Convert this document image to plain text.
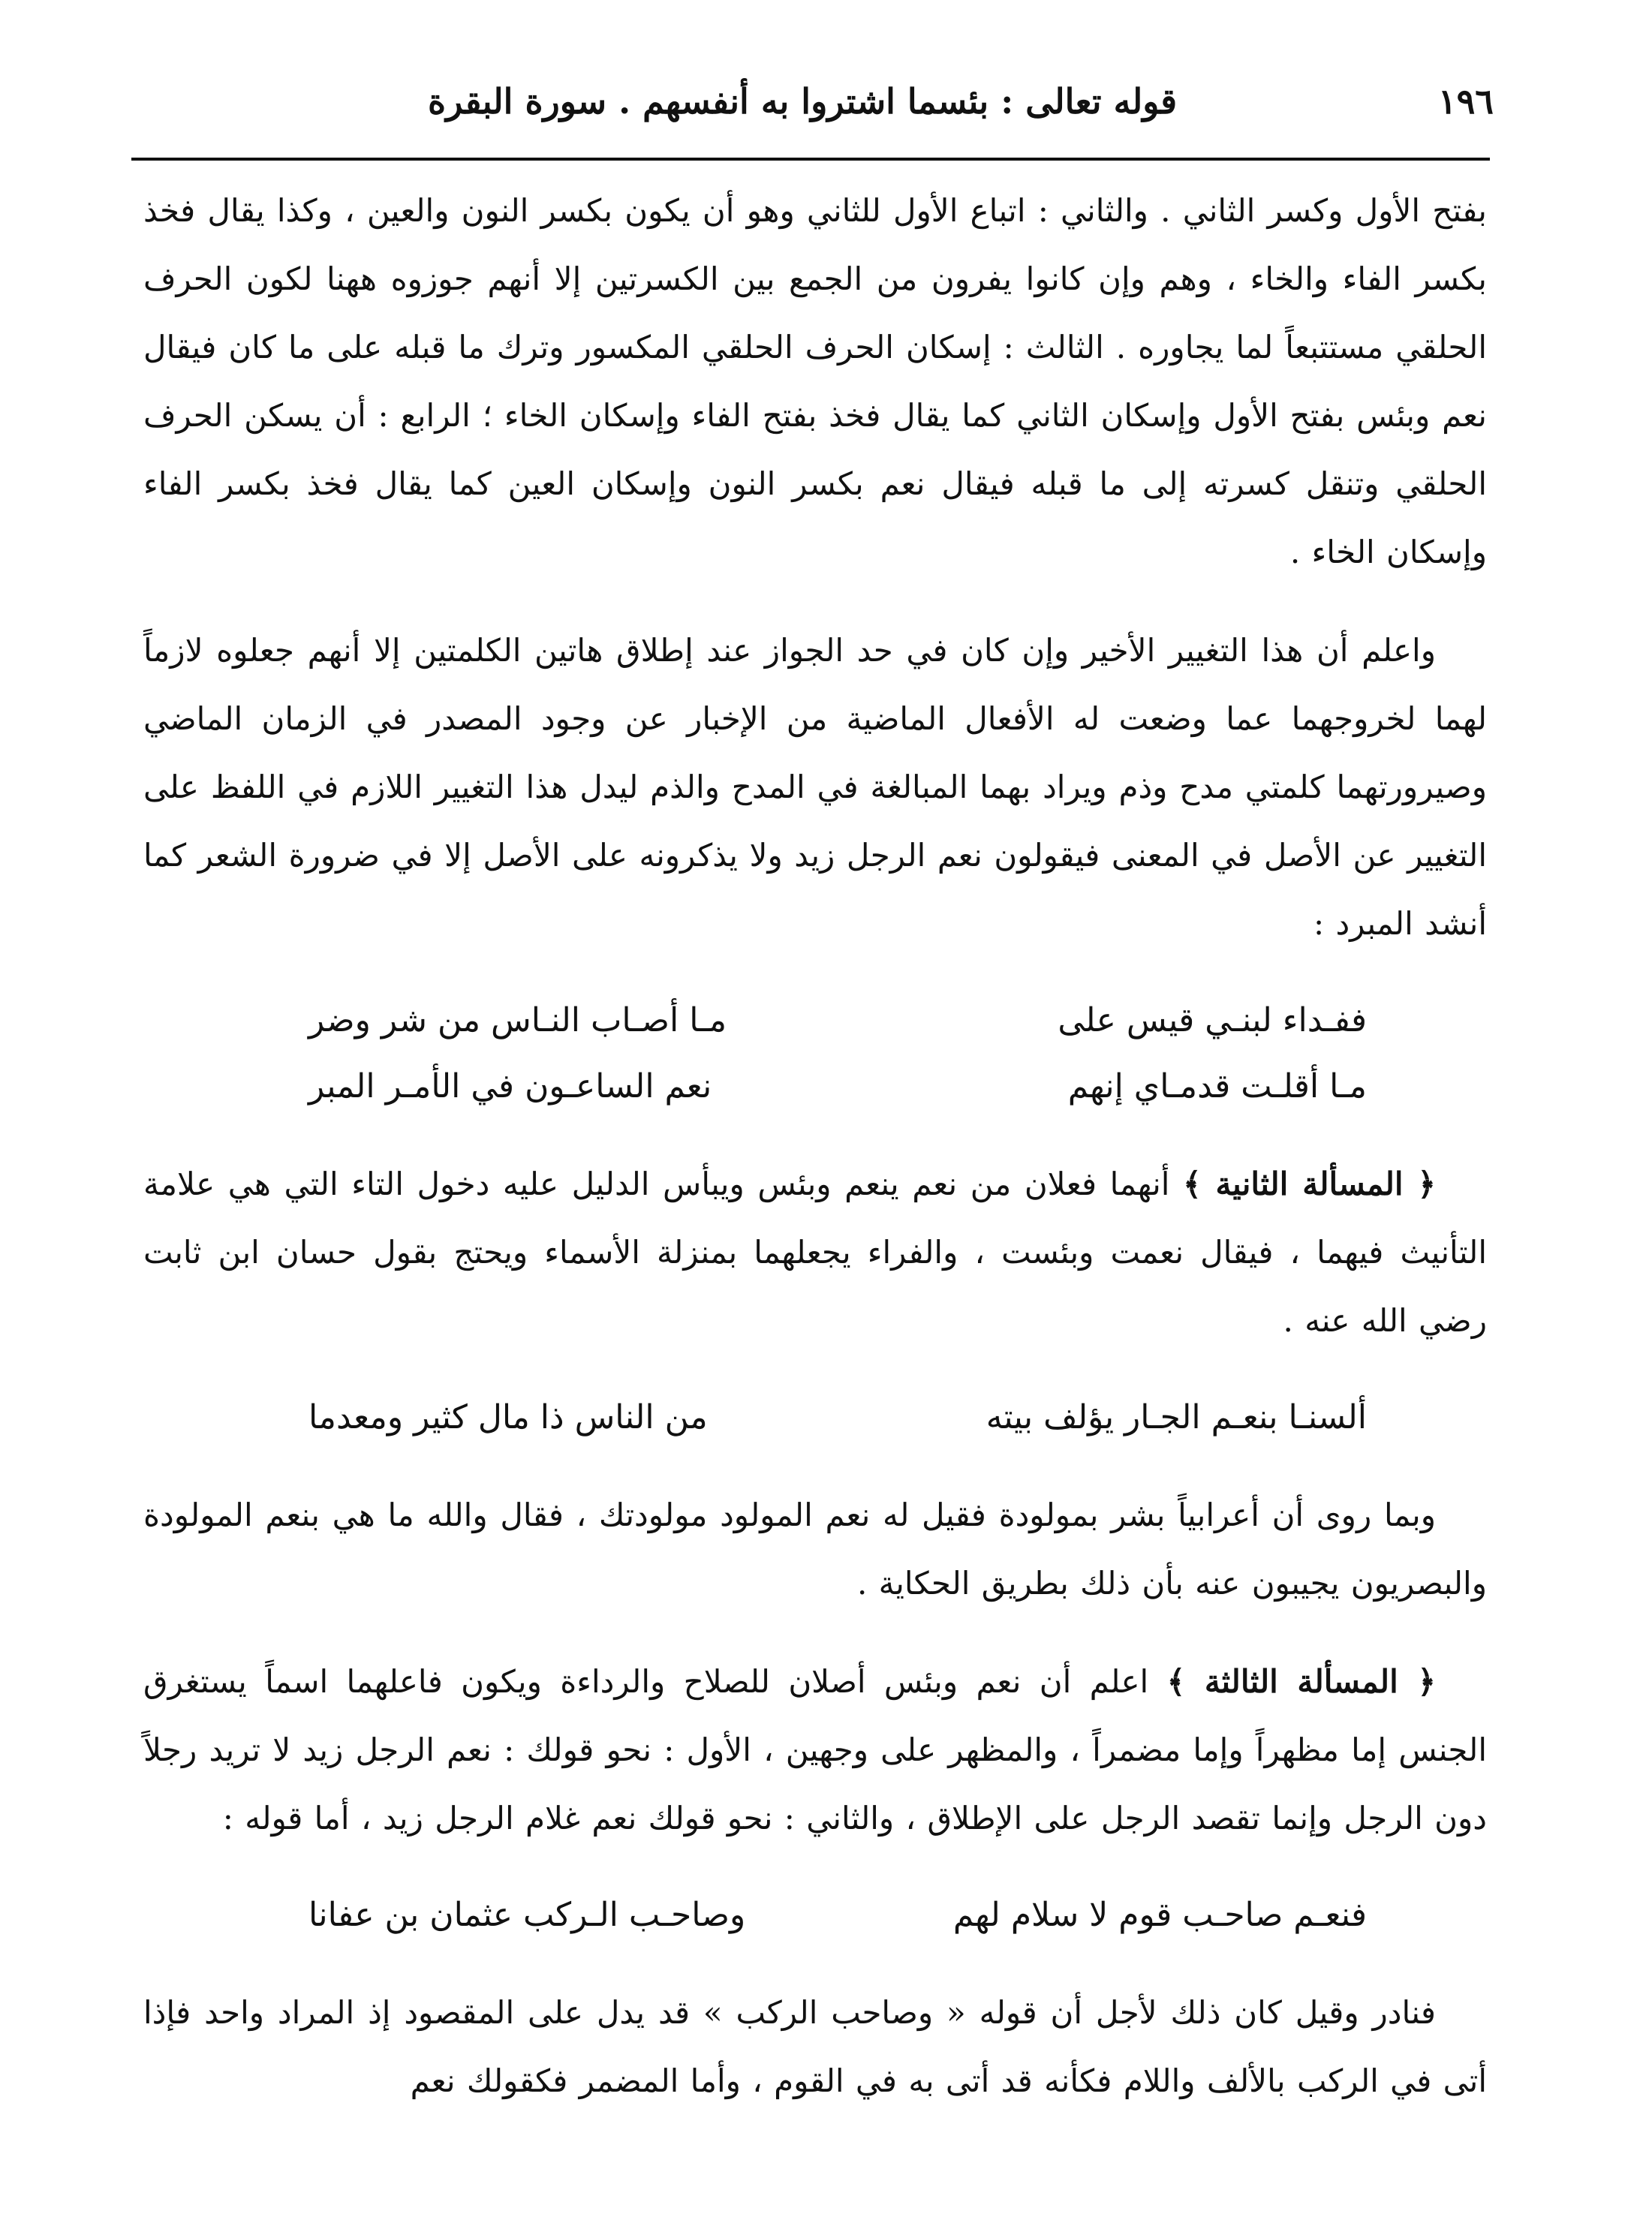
١٩٦
قوله تعالى : بئسما اشتروا به أنفسهم . سورة البقرة

بفتح الأول وكسر الثاني . والثاني : اتباع الأول للثاني وهو أن يكون بكسر النون والعين ، وكذا يقال فخذ بكسر الفاء والخاء ، وهم وإن كانوا يفرون من الجمع بين الكسرتين إلا أنهم جوزوه ههنا لكون الحرف الحلقي مستتبعاً لما يجاوره . الثالث : إسكان الحرف الحلقي المكسور وترك ما قبله على ما كان فيقال نعم وبئس بفتح الأول وإسكان الثاني كما يقال فخذ بفتح الفاء وإسكان الخاء ؛ الرابع : أن يسكن الحرف الحلقي وتنقل كسرته إلى ما قبله فيقال نعم بكسر النون وإسكان العين كما يقال فخذ بكسر الفاء وإسكان الخاء .

واعلم أن هذا التغيير الأخير وإن كان في حد الجواز عند إطلاق هاتين الكلمتين إلا أنهم جعلوه لازماً لهما لخروجهما عما وضعت له الأفعال الماضية من الإخبار عن وجود المصدر في الزمان الماضي وصيرورتهما كلمتي مدح وذم ويراد بهما المبالغة في المدح والذم ليدل هذا التغيير اللازم في اللفظ على التغيير عن الأصل في المعنى فيقولون نعم الرجل زيد ولا يذكرونه على الأصل إلا في ضرورة الشعر كما أنشد المبرد :

ففـداء لبنـي قيس على
مـا أصـاب النـاس من شر وضر
مـا أقلـت قدمـاي إنهم
نعم الساعـون في الأمـر المبر

﴿ المسألة الثانية ﴾ أنهما فعلان من نعم ينعم وبئس ويبأس الدليل عليه دخول التاء التي هي علامة التأنيث فيهما ، فيقال نعمت وبئست ، والفراء يجعلهما بمنزلة الأسماء ويحتج بقول حسان ابن ثابت رضي الله عنه .

ألسنـا بنعـم الجـار يؤلف بيته
من الناس ذا مال كثير ومعدما

وبما روى أن أعرابياً بشر بمولودة فقيل له نعم المولود مولودتك ، فقال والله ما هي بنعم المولودة والبصريون يجيبون عنه بأن ذلك بطريق الحكاية .

﴿ المسألة الثالثة ﴾ اعلم أن نعم وبئس أصلان للصلاح والرداءة ويكون فاعلهما اسماً يستغرق الجنس إما مظهراً وإما مضمراً ، والمظهر على وجهين ، الأول : نحو قولك : نعم الرجل زيد لا تريد رجلاً دون الرجل وإنما تقصد الرجل على الإطلاق ، والثاني : نحو قولك نعم غلام الرجل زيد ، أما قوله :

فنعـم صاحـب قوم لا سلام لهم
وصاحـب الـركب عثمان بن عفانا

فنادر وقيل كان ذلك لأجل أن قوله « وصاحب الركب » قد يدل على المقصود إذ المراد واحد فإذا أتى في الركب بالألف واللام فكأنه قد أتى به في القوم ، وأما المضمر فكقولك نعم
